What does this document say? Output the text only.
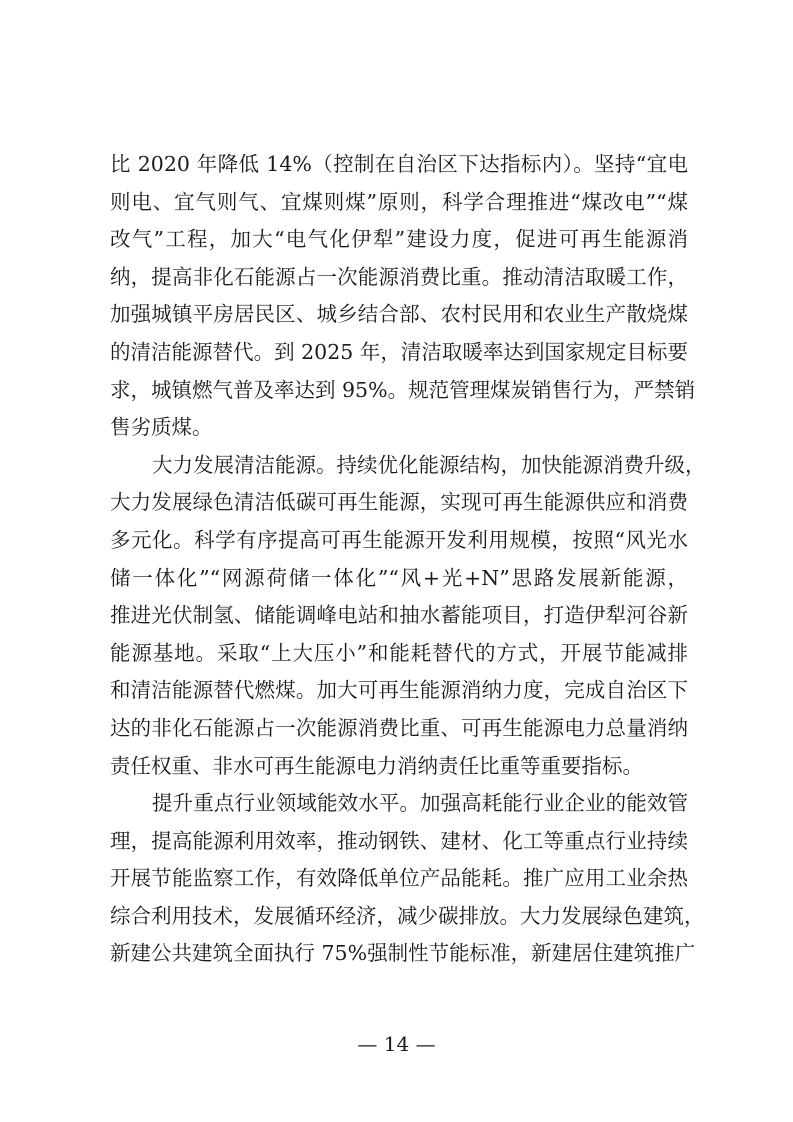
比 2020 年降低 14%（控制在自治区下达指标内）。坚持“宜电
则电、宜气则气、宜煤则煤”原则，科学合理推进“煤改电”“煤
改气”工程，加大“电气化伊犁”建设力度，促进可再生能源消
纳，提高非化石能源占一次能源消费比重。推动清洁取暖工作，
加强城镇平房居民区、城乡结合部、农村民用和农业生产散烧煤
的清洁能源替代。到 2025 年，清洁取暖率达到国家规定目标要
求，城镇燃气普及率达到 95%。规范管理煤炭销售行为，严禁销
售劣质煤。
大力发展清洁能源。持续优化能源结构，加快能源消费升级，
大力发展绿色清洁低碳可再生能源，实现可再生能源供应和消费
多元化。科学有序提高可再生能源开发利用规模，按照“风光水
储一体化”“网源荷储一体化”“风+光+N”思路发展新能源，
推进光伏制氢、储能调峰电站和抽水蓄能项目，打造伊犁河谷新
能源基地。采取“上大压小”和能耗替代的方式，开展节能减排
和清洁能源替代燃煤。加大可再生能源消纳力度，完成自治区下
达的非化石能源占一次能源消费比重、可再生能源电力总量消纳
责任权重、非水可再生能源电力消纳责任比重等重要指标。
提升重点行业领域能效水平。加强高耗能行业企业的能效管
理，提高能源利用效率，推动钢铁、建材、化工等重点行业持续
开展节能监察工作，有效降低单位产品能耗。推广应用工业余热
综合利用技术，发展循环经济，减少碳排放。大力发展绿色建筑，
新建公共建筑全面执行 75%强制性节能标准，新建居住建筑推广
— 14 —
